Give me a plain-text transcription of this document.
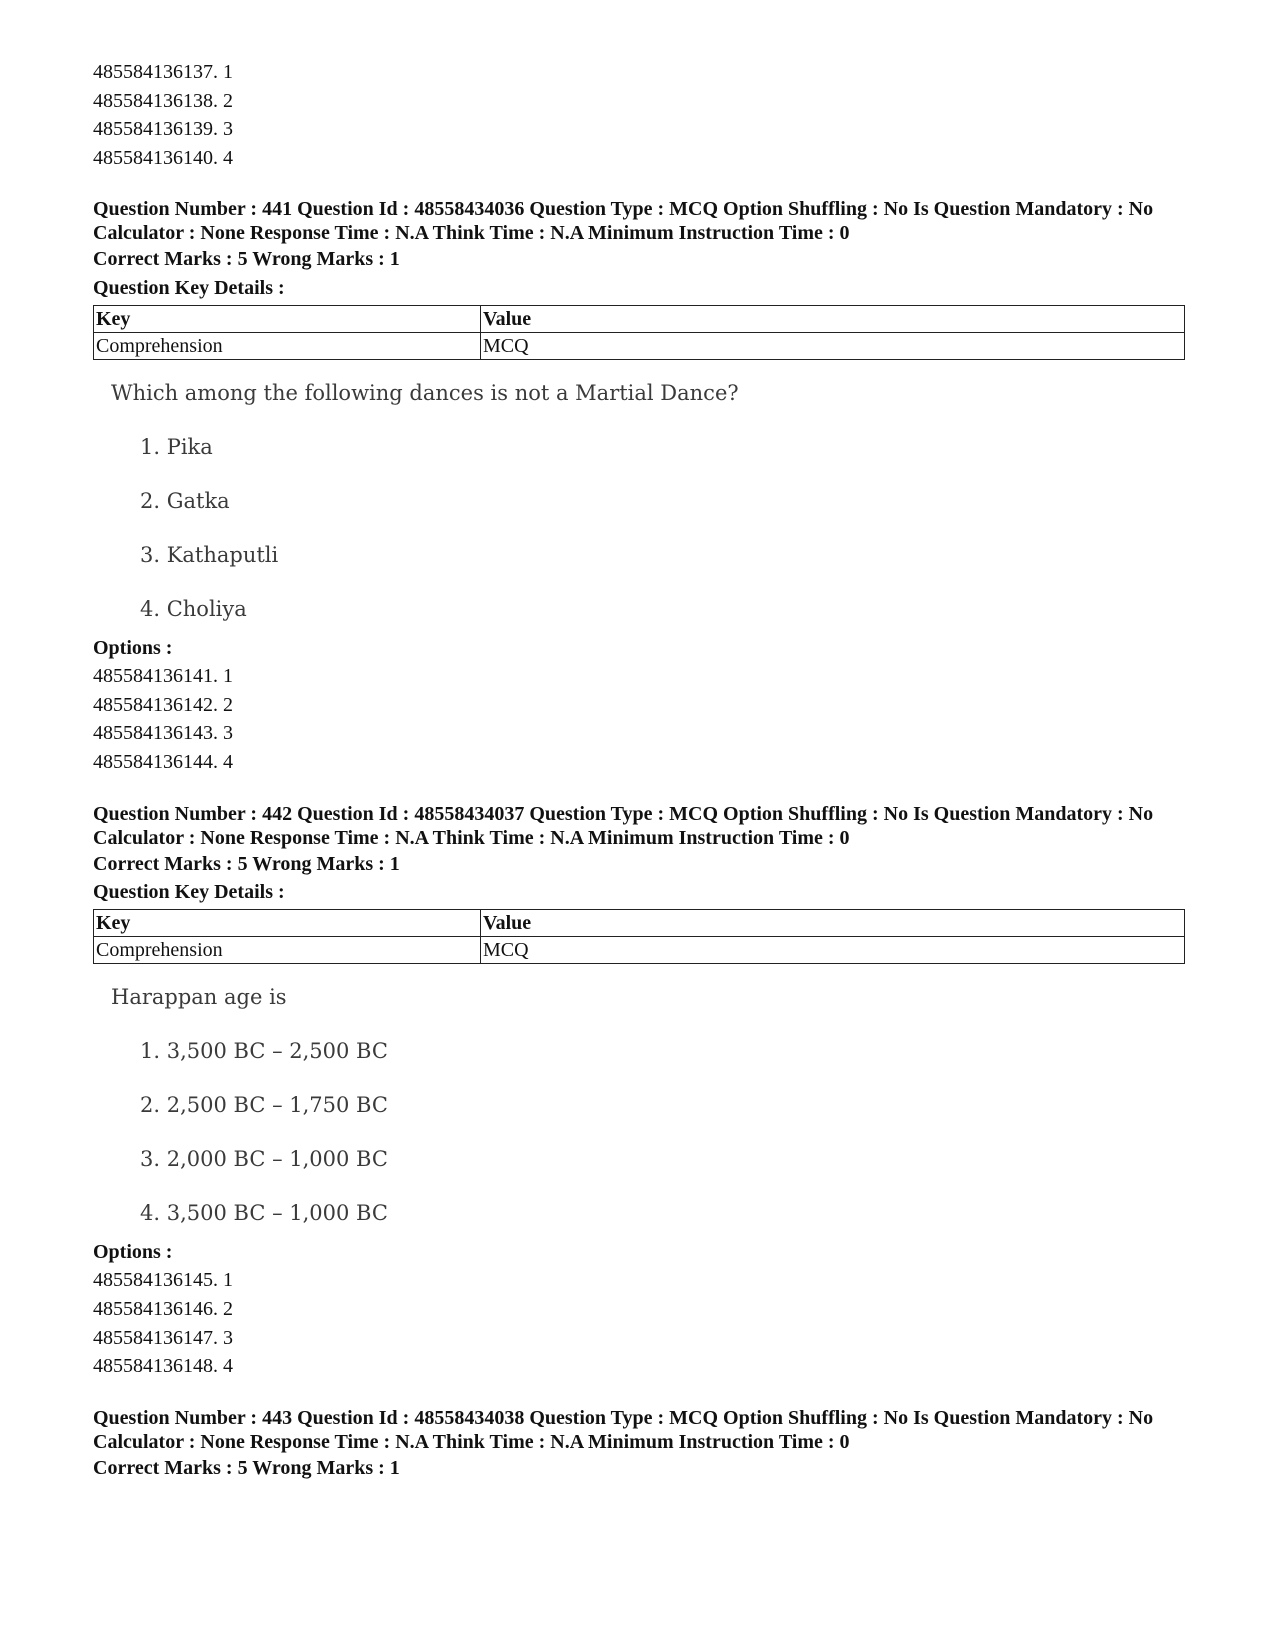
485584136137. 1
485584136138. 2
485584136139. 3
485584136140. 4
Question Number : 441 Question Id : 48558434036 Question Type : MCQ Option Shuffling : No Is Question Mandatory : No Calculator : None Response Time : N.A Think Time : N.A Minimum Instruction Time : 0
Correct Marks : 5 Wrong Marks : 1
Question Key Details :
Key	Value
Comprehension	MCQ
Which among the following dances is not a Martial Dance?
1. Pika
2. Gatka
3. Kathaputli
4. Choliya
Options :
485584136141. 1
485584136142. 2
485584136143. 3
485584136144. 4
Question Number : 442 Question Id : 48558434037 Question Type : MCQ Option Shuffling : No Is Question Mandatory : No Calculator : None Response Time : N.A Think Time : N.A Minimum Instruction Time : 0
Correct Marks : 5 Wrong Marks : 1
Question Key Details :
Key	Value
Comprehension	MCQ
Harappan age is
1. 3,500 BC – 2,500 BC
2. 2,500 BC – 1,750 BC
3. 2,000 BC – 1,000 BC
4. 3,500 BC – 1,000 BC
Options :
485584136145. 1
485584136146. 2
485584136147. 3
485584136148. 4
Question Number : 443 Question Id : 48558434038 Question Type : MCQ Option Shuffling : No Is Question Mandatory : No Calculator : None Response Time : N.A Think Time : N.A Minimum Instruction Time : 0
Correct Marks : 5 Wrong Marks : 1
